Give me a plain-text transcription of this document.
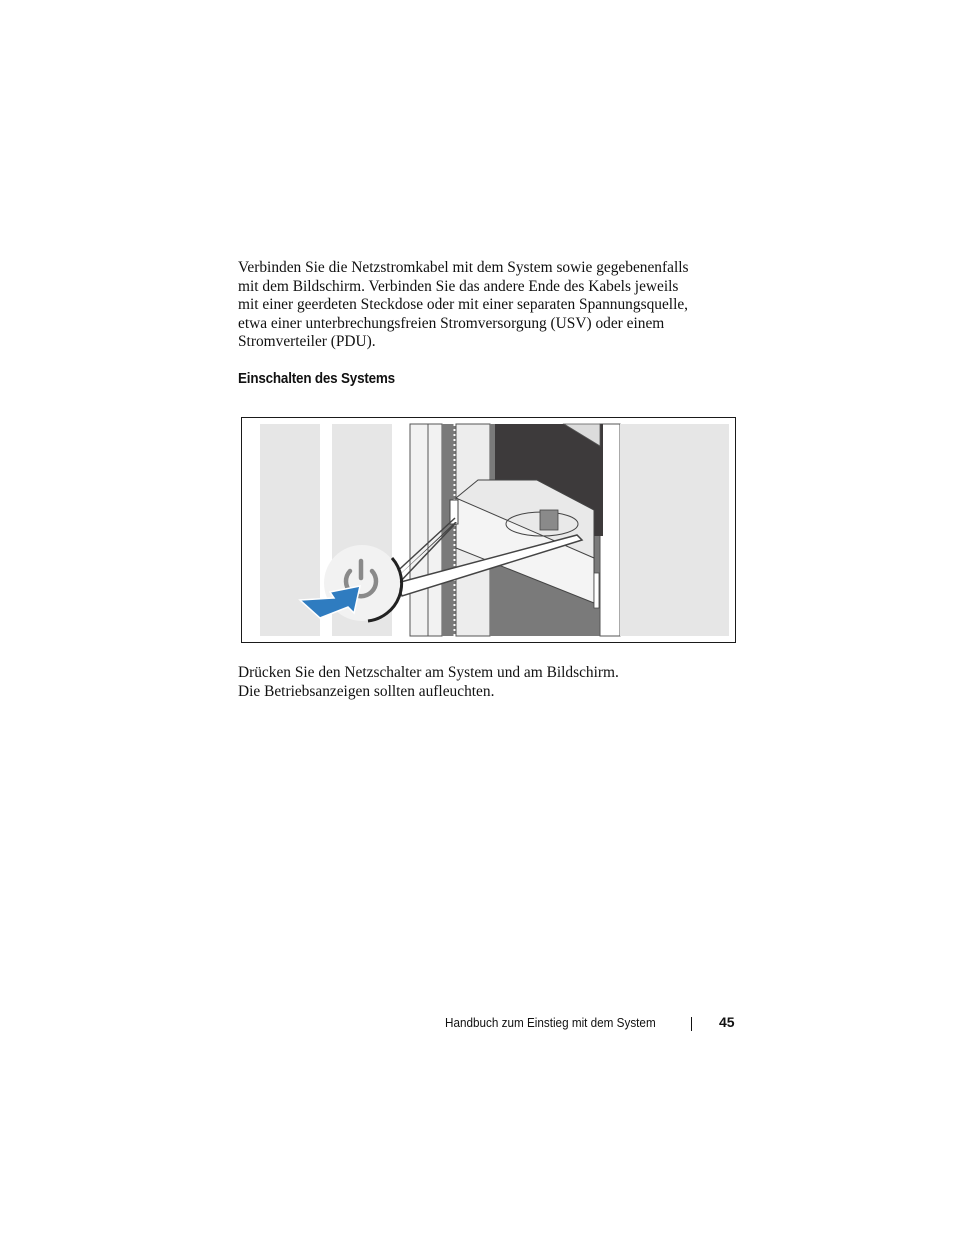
Verbinden Sie die Netzstromkabel mit dem System sowie gegebenenfalls
mit dem Bildschirm. Verbinden Sie das andere Ende des Kabels jeweils
mit einer geerdeten Steckdose oder mit einer separaten Spannungsquelle,
etwa einer unterbrechungsfreien Stromversorgung (USV) oder einem
Stromverteiler (PDU).
Einschalten des Systems
Drücken Sie den Netzschalter am System und am Bildschirm.
Die Betriebsanzeigen sollten aufleuchten.
Handbuch zum Einstieg mit dem System	45
